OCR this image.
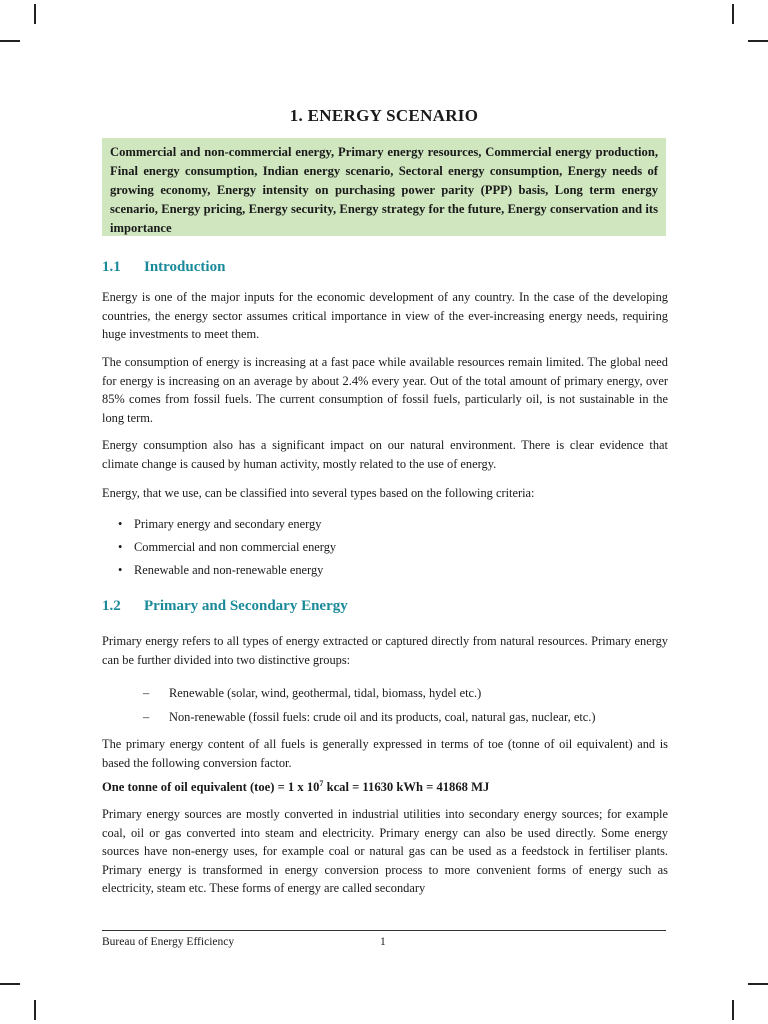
1. ENERGY SCENARIO
Commercial and non-commercial energy, Primary energy resources, Commercial energy production, Final energy consumption, Indian energy scenario, Sectoral energy consumption, Energy needs of growing economy, Energy intensity on purchasing power parity (PPP) basis, Long term energy scenario, Energy pricing, Energy security, Energy strategy for the future, Energy conservation and its importance
1.1 Introduction

Energy is one of the major inputs for the economic development of any country. In the case of the developing countries, the energy sector assumes critical importance in view of the ever-increasing energy needs, requiring huge investments to meet them.

The consumption of energy is increasing at a fast pace while available resources remain limited. The global need for energy is increasing on an average by about 2.4% every year. Out of the total amount of primary energy, over 85% comes from fossil fuels. The current consumption of fossil fuels, particularly oil, is not sustainable in the long term.

Energy consumption also has a significant impact on our natural environment. There is clear evidence that climate change is caused by human activity, mostly related to the use of energy.

Energy, that we use, can be classified into several types based on the following criteria:

• Primary energy and secondary energy
• Commercial and non commercial energy
• Renewable and non-renewable energy
1.2 Primary and Secondary Energy

Primary energy refers to all types of energy extracted or captured directly from natural resources. Primary energy can be further divided into two distinctive groups:

– Renewable (solar, wind, geothermal, tidal, biomass, hydel etc.)
– Non-renewable (fossil fuels: crude oil and its products, coal, natural gas, nuclear, etc.)

The primary energy content of all fuels is generally expressed in terms of toe (tonne of oil equivalent) and is based the following conversion factor.

One tonne of oil equivalent (toe) = 1 x $10^7$ kcal = 11630 kWh = 41868 MJ

Primary energy sources are mostly converted in industrial utilities into secondary energy sources; for example coal, oil or gas converted into steam and electricity. Primary energy can also be used directly. Some energy sources have non-energy uses, for example coal or natural gas can be used as a feedstock in fertiliser plants. Primary energy is transformed in energy conversion process to more convenient forms of energy such as electricity, steam etc. These forms of energy are called secondary

Bureau of Energy Efficiency	1
